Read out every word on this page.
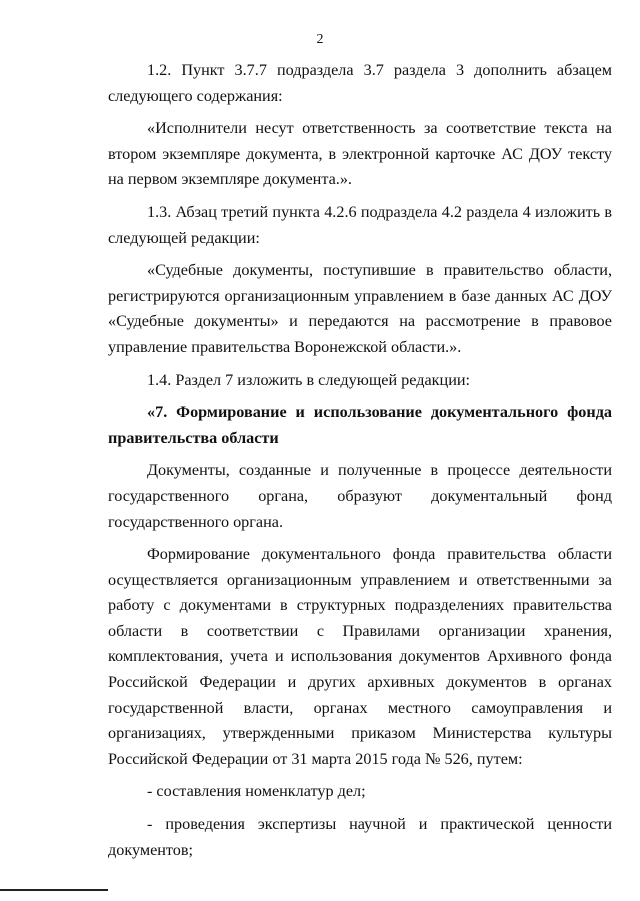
2

1.2. Пункт 3.7.7 подраздела 3.7 раздела 3 дополнить абзацем следующего содержания:

«Исполнители несут ответственность за соответствие текста на втором экземпляре документа, в электронной карточке АС ДОУ тексту на первом экземпляре документа.».

1.3. Абзац третий пункта 4.2.6 подраздела 4.2 раздела 4 изложить в следующей редакции:

«Судебные документы, поступившие в правительство области, регистрируются организационным управлением в базе данных АС ДОУ «Судебные документы» и передаются на рассмотрение в правовое управление правительства Воронежской области.».

1.4. Раздел 7 изложить в следующей редакции:

«7. Формирование и использование документального фонда правительства области

Документы, созданные и полученные в процессе деятельности государственного органа, образуют документальный фонд государственного органа.

Формирование документального фонда правительства области осуществляется организационным управлением и ответственными за работу с документами в структурных подразделениях правительства области в соответствии с Правилами организации хранения, комплектования, учета и использования документов Архивного фонда Российской Федерации и других архивных документов в органах государственной власти, органах местного самоуправления и организациях, утвержденными приказом Министерства культуры Российской Федерации от 31 марта 2015 года № 526, путем:

- составления номенклатур дел;

- проведения экспертизы научной и практической ценности документов;
